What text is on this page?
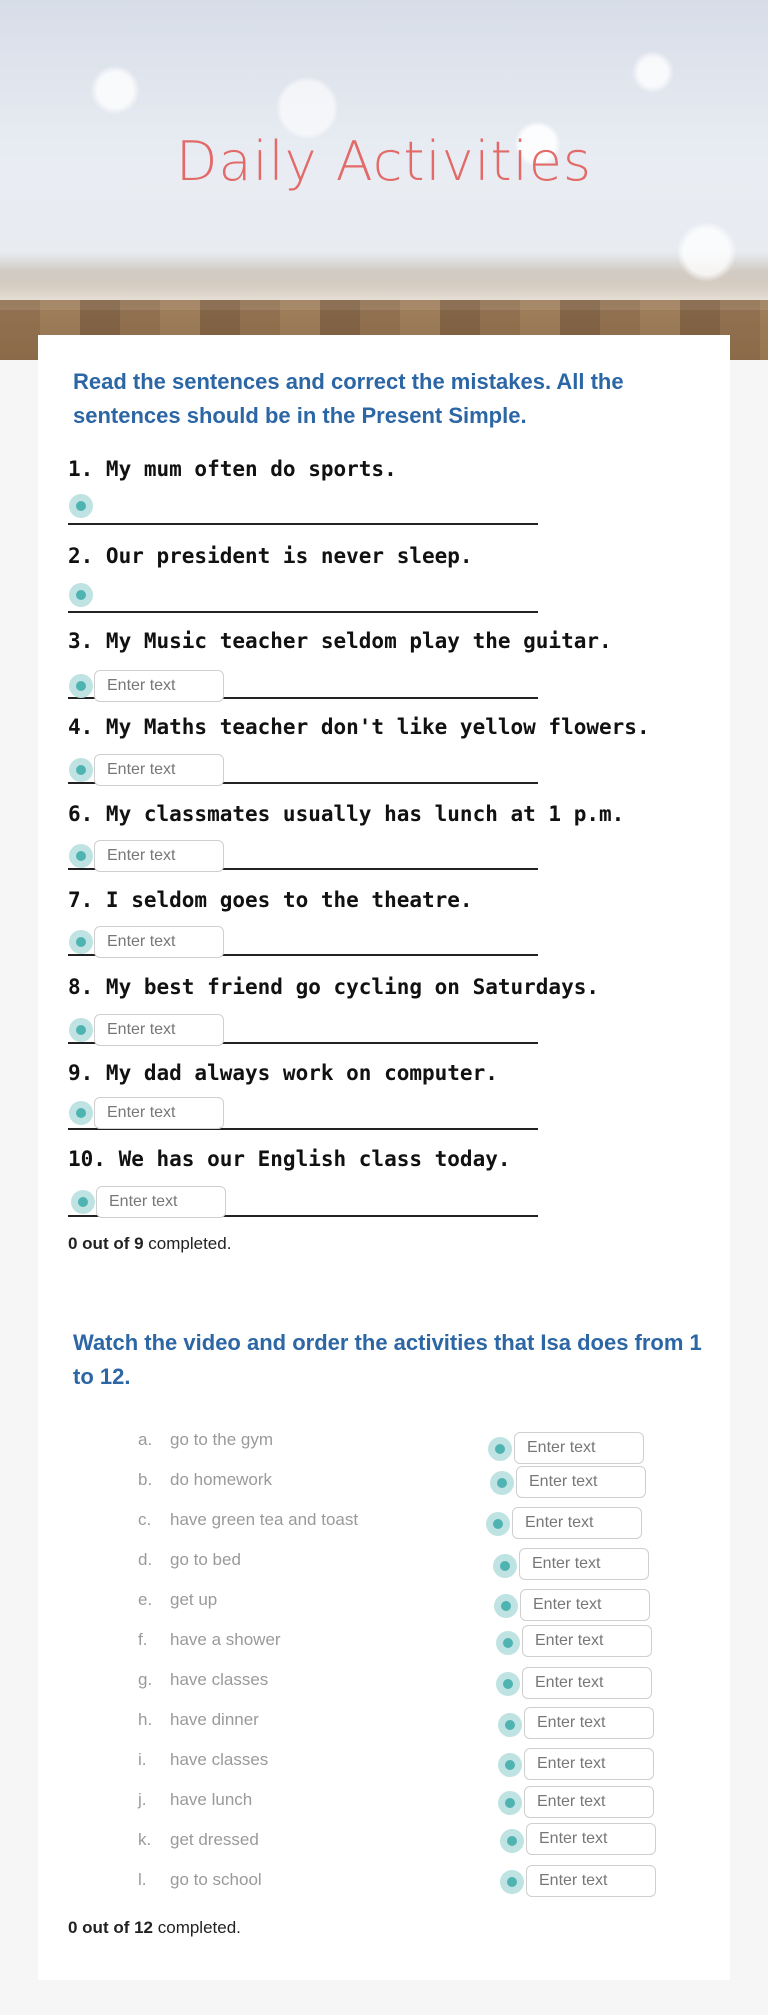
Daily Activities
Read the sentences and correct the mistakes. All the sentences should be in the Present Simple.
1. My mum often do sports.
2. Our president is never sleep.
3. My Music teacher seldom play the guitar.
Enter text
4. My Maths teacher don't like yellow flowers.
Enter text
6. My classmates usually has lunch at 1 p.m.
Enter text
7. I seldom goes to the theatre.
Enter text
8. My best friend go cycling on Saturdays.
Enter text
9. My dad always work on computer.
Enter text
10. We has our English class today.
Enter text
0 out of 9 completed.
Watch the video and order the activities that Isa does from 1 to 12.
a.	go to the gym
Enter text
b.	do homework
Enter text
c.	have green tea and toast
Enter text
d.	go to bed
Enter text
e.	get up
Enter text
f.	have a shower
Enter text
g.	have classes
Enter text
h.	have dinner
Enter text
i.	have classes
Enter text
j.	have lunch
Enter text
k.	get dressed
Enter text
l.	go to school
Enter text
0 out of 12 completed.
